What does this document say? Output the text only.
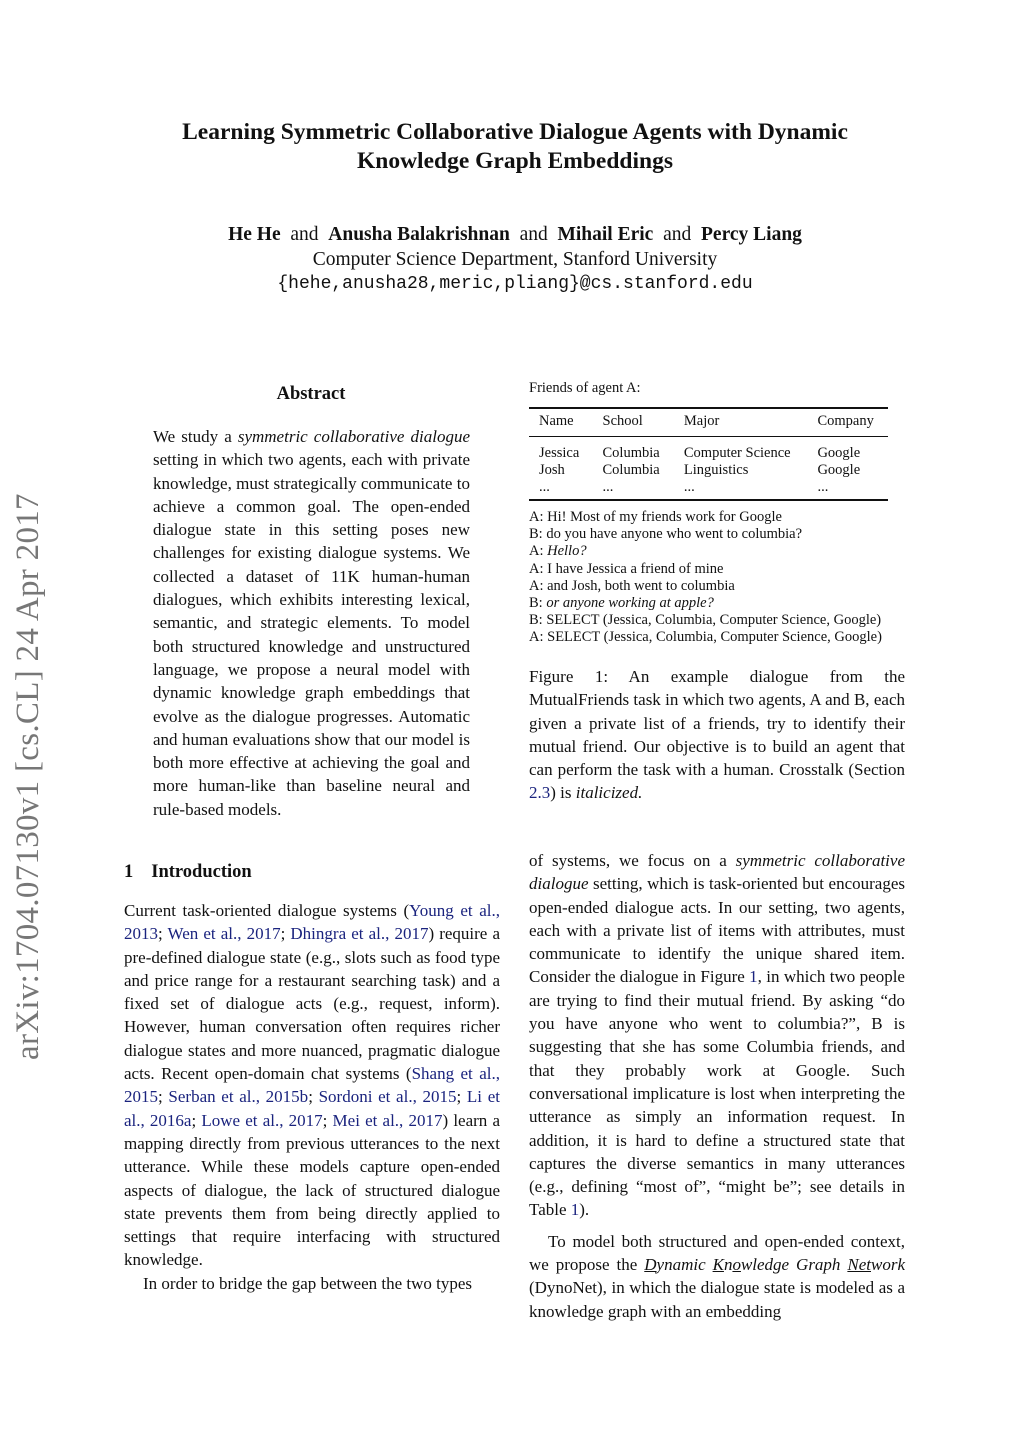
Learning Symmetric Collaborative Dialogue Agents with Dynamic
Knowledge Graph Embeddings
He He and Anusha Balakrishnan and Mihail Eric and Percy Liang
Computer Science Department, Stanford University
{hehe,anusha28,meric,pliang}@cs.stanford.edu
arXiv:1704.07130v1 [cs.CL] 24 Apr 2017
Abstract
We study a symmetric collaborative dialogue setting in which two agents, each with private knowledge, must strategically communicate to achieve a common goal. The open-ended dialogue state in this setting poses new challenges for existing dialogue systems. We collected a dataset of 11K human-human dialogues, which exhibits interesting lexical, semantic, and strategic elements. To model both structured knowledge and unstructured language, we propose a neural model with dynamic knowledge graph embeddings that evolve as the dialogue progresses. Automatic and human evaluations show that our model is both more effective at achieving the goal and more human-like than baseline neural and rule-based models.
1 Introduction

Current task-oriented dialogue systems (Young et al., 2013; Wen et al., 2017; Dhingra et al., 2017) require a pre-defined dialogue state (e.g., slots such as food type and price range for a restaurant searching task) and a fixed set of dialogue acts (e.g., request, inform). However, human conversation often requires richer dialogue states and more nuanced, pragmatic dialogue acts. Recent open-domain chat systems (Shang et al., 2015; Serban et al., 2015b; Sordoni et al., 2015; Li et al., 2016a; Lowe et al., 2017; Mei et al., 2017) learn a mapping directly from previous utterances to the next utterance. While these models capture open-ended aspects of dialogue, the lack of structured dialogue state prevents them from being directly applied to settings that require interfacing with structured knowledge.

In order to bridge the gap between the two types

Friends of agent A:
Name	School	Major	Company
Jessica	Columbia	Computer Science	Google
Josh	Columbia	Linguistics	Google
...	...	...	...
A: Hi! Most of my friends work for Google
B: do you have anyone who went to columbia?
A: Hello?
A: I have Jessica a friend of mine
A: and Josh, both went to columbia
B: or anyone working at apple?
B: SELECT (Jessica, Columbia, Computer Science, Google)
A: SELECT (Jessica, Columbia, Computer Science, Google)
Figure 1: An example dialogue from the MutualFriends task in which two agents, A and B, each given a private list of a friends, try to identify their mutual friend. Our objective is to build an agent that can perform the task with a human. Crosstalk (Section 2.3) is italicized.

of systems, we focus on a symmetric collaborative dialogue setting, which is task-oriented but encourages open-ended dialogue acts. In our setting, two agents, each with a private list of items with attributes, must communicate to identify the unique shared item. Consider the dialogue in Figure 1, in which two people are trying to find their mutual friend. By asking “do you have anyone who went to columbia?”, B is suggesting that she has some Columbia friends, and that they probably work at Google. Such conversational implicature is lost when interpreting the utterance as simply an information request. In addition, it is hard to define a structured state that captures the diverse semantics in many utterances (e.g., defining “most of”, “might be”; see details in Table 1).

To model both structured and open-ended context, we propose the Dynamic Knowledge Graph Network (DynoNet), in which the dialogue state is modeled as a knowledge graph with an embedding
